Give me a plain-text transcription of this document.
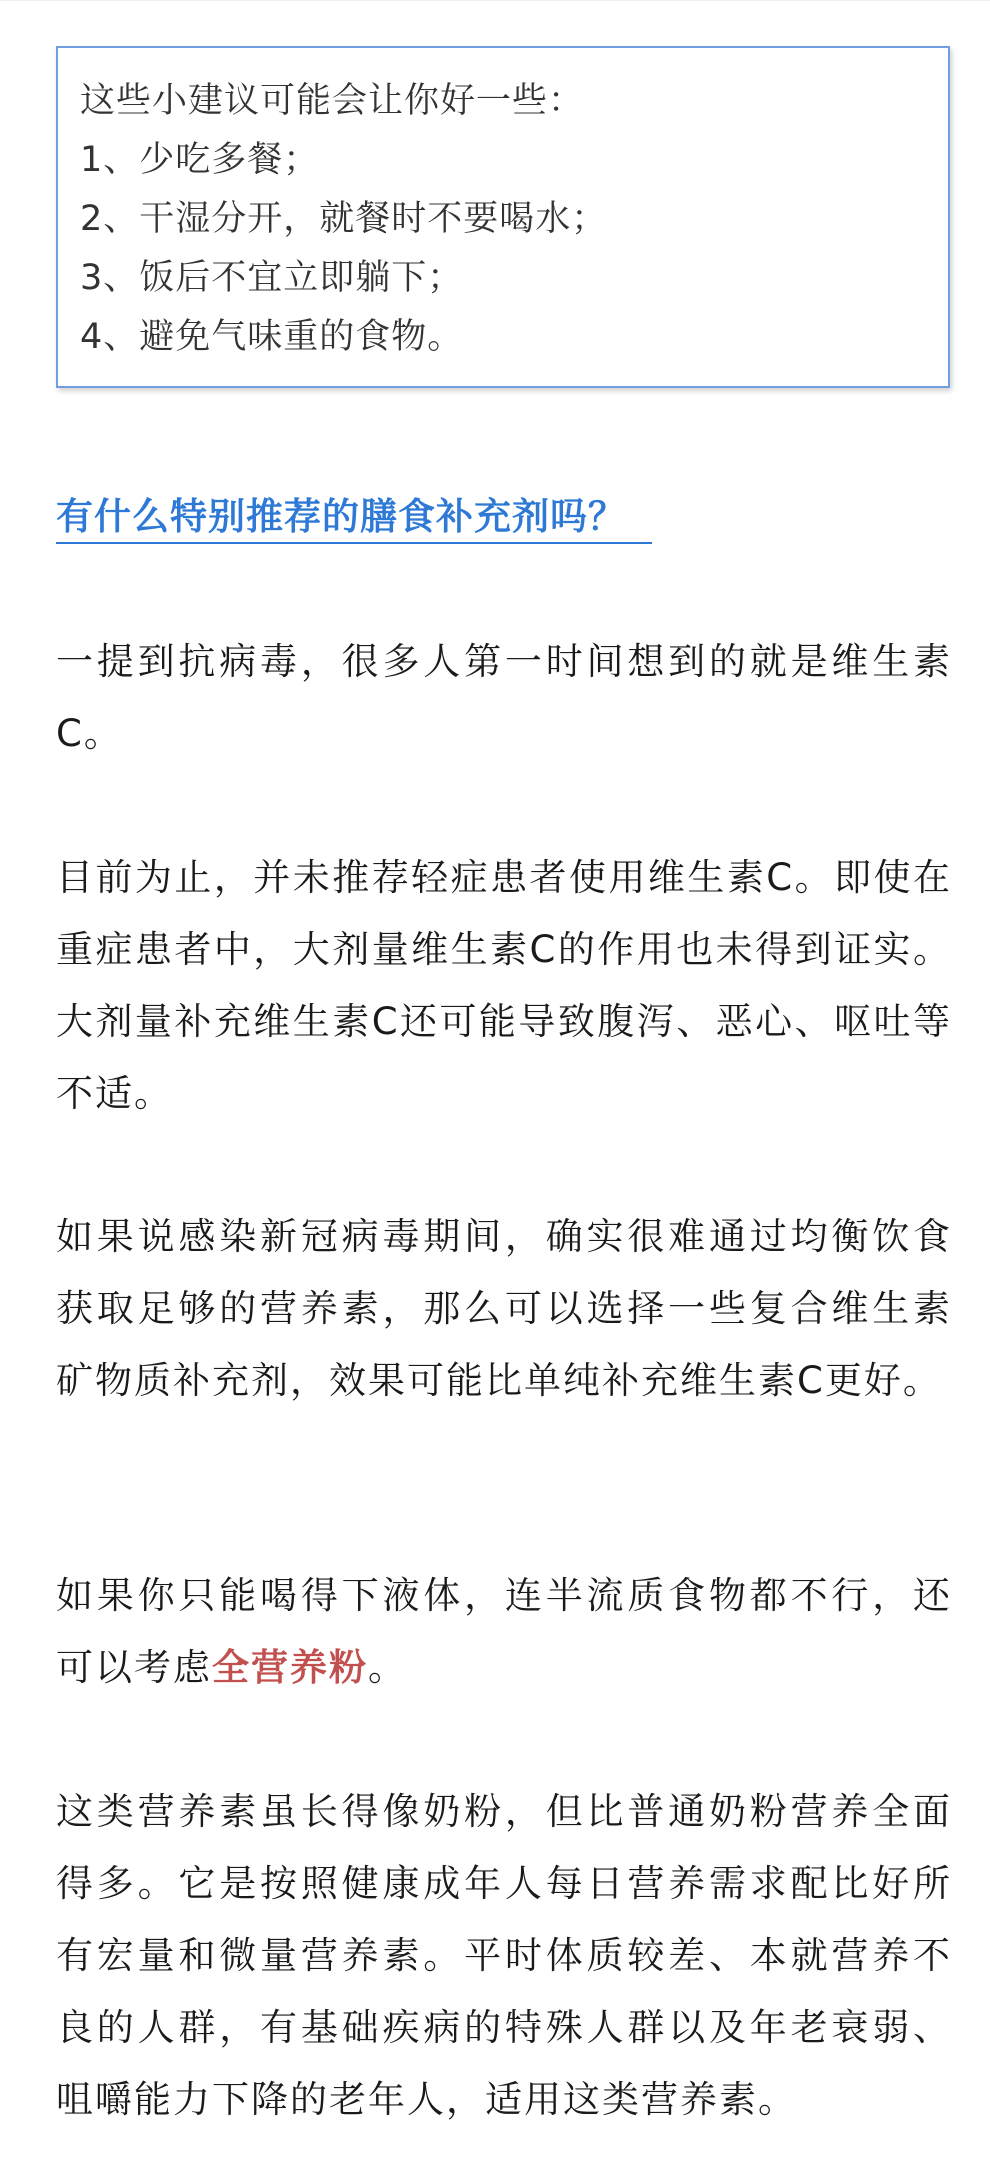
这些小建议可能会让你好一些：
1、少吃多餐；
2、干湿分开，就餐时不要喝水；
3、饭后不宜立即躺下；
4、避免气味重的食物。
有什么特别推荐的膳食补充剂吗？

一提到抗病毒，很多人第一时间想到的就是维生素C。

目前为止，并未推荐轻症患者使用维生素C。即使在重症患者中，大剂量维生素C的作用也未得到证实。大剂量补充维生素C还可能导致腹泻、恶心、呕吐等不适。

如果说感染新冠病毒期间，确实很难通过均衡饮食获取足够的营养素，那么可以选择一些复合维生素矿物质补充剂，效果可能比单纯补充维生素C更好。

如果你只能喝得下液体，连半流质食物都不行，还可以考虑全营养粉。

这类营养素虽长得像奶粉，但比普通奶粉营养全面得多。它是按照健康成年人每日营养需求配比好所有宏量和微量营养素。平时体质较差、本就营养不良的人群，有基础疾病的特殊人群以及年老衰弱、咀嚼能力下降的老年人，适用这类营养素。
